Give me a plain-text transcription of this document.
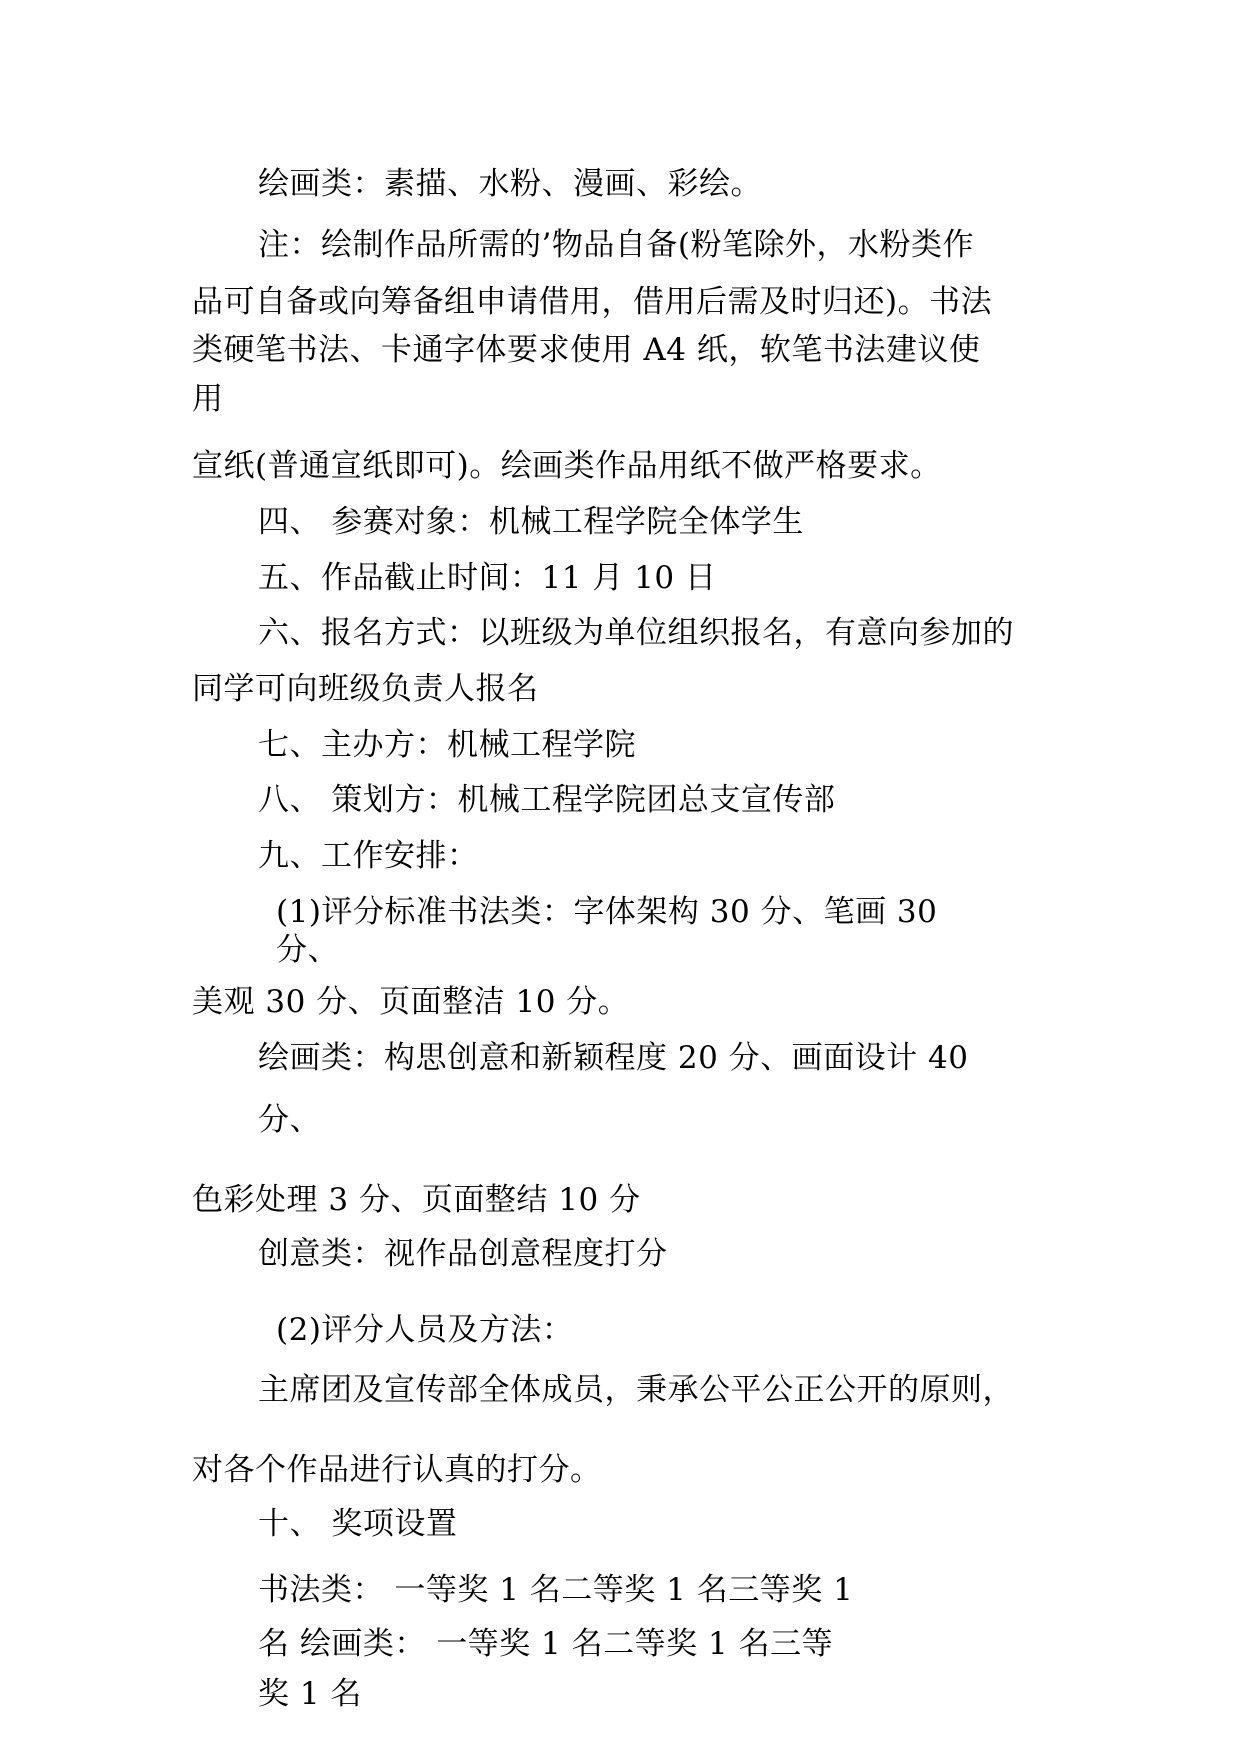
绘画类：素描、水粉、漫画、彩绘。

注：绘制作品所需的’物品自备(粉笔除外，水粉类作

品可自备或向筹备组申请借用，借用后需及时归还)。书法

类硬笔书法、卡通字体要求使用 A4 纸，软笔书法建议使

用

宣纸(普通宣纸即可)。绘画类作品用纸不做严格要求。

四、 参赛对象：机械工程学院全体学生

五、作品截止时间：11 月 10 日

六、报名方式：以班级为单位组织报名，有意向参加的

同学可向班级负责人报名

七、主办方：机械工程学院

八、 策划方：机械工程学院团总支宣传部

九、工作安排：

(1)评分标准书法类：字体架构 30 分、笔画 30

分、

美观 30 分、页面整洁 10 分。

绘画类：构思创意和新颖程度 20 分、画面设计 40

分、

色彩处理 3 分、页面整结 10 分

创意类：视作品创意程度打分

(2)评分人员及方法：

主席团及宣传部全体成员，秉承公平公正公开的原则，

对各个作品进行认真的打分。

十、 奖项设置

书法类： 一等奖 1 名二等奖 1 名三等奖 1

名 绘画类： 一等奖 1 名二等奖 1 名三等

奖 1 名
